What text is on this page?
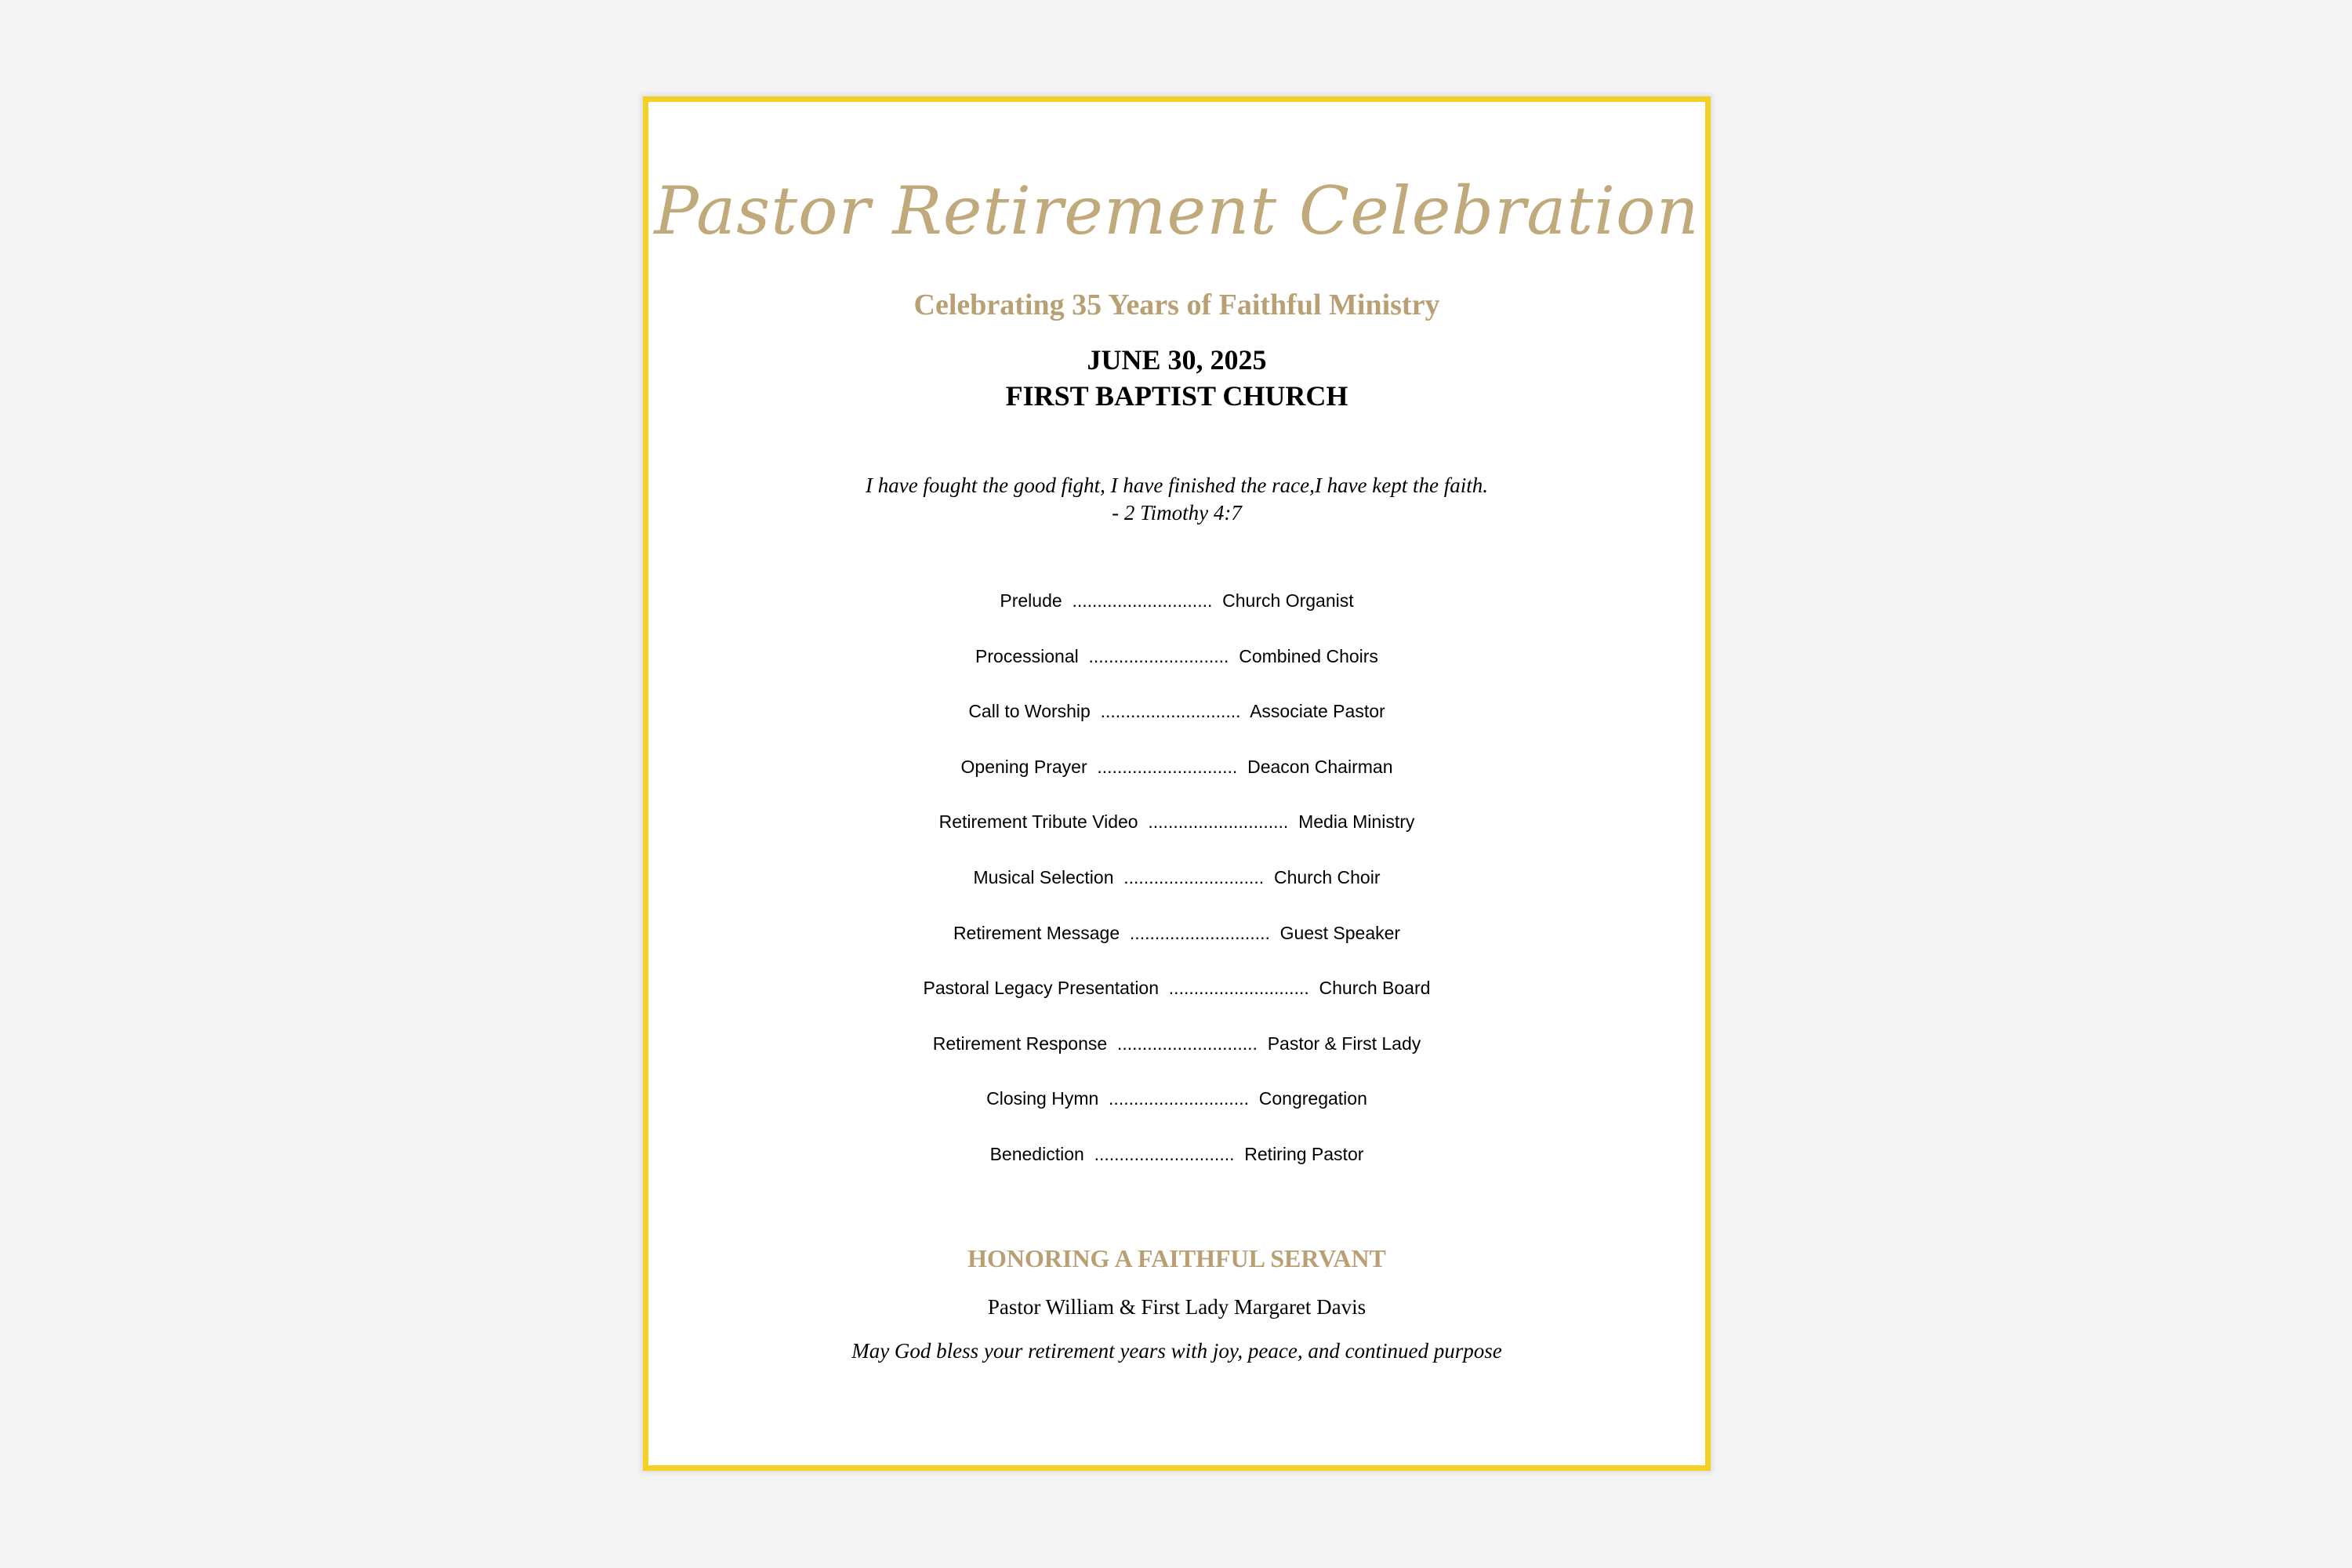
Pastor Retirement Celebration
Celebrating 35 Years of Faithful Ministry
JUNE 30, 2025
FIRST BAPTIST CHURCH
I have fought the good fight, I have finished the race,I have kept the faith.
- 2 Timothy 4:7
Prelude ............................ Church Organist
Processional ............................ Combined Choirs
Call to Worship ............................ Associate Pastor
Opening Prayer ............................ Deacon Chairman
Retirement Tribute Video ............................ Media Ministry
Musical Selection ............................ Church Choir
Retirement Message ............................ Guest Speaker
Pastoral Legacy Presentation ............................ Church Board
Retirement Response ............................ Pastor & First Lady
Closing Hymn ............................ Congregation
Benediction ............................ Retiring Pastor
HONORING A FAITHFUL SERVANT
Pastor William & First Lady Margaret Davis
May God bless your retirement years with joy, peace, and continued purpose
